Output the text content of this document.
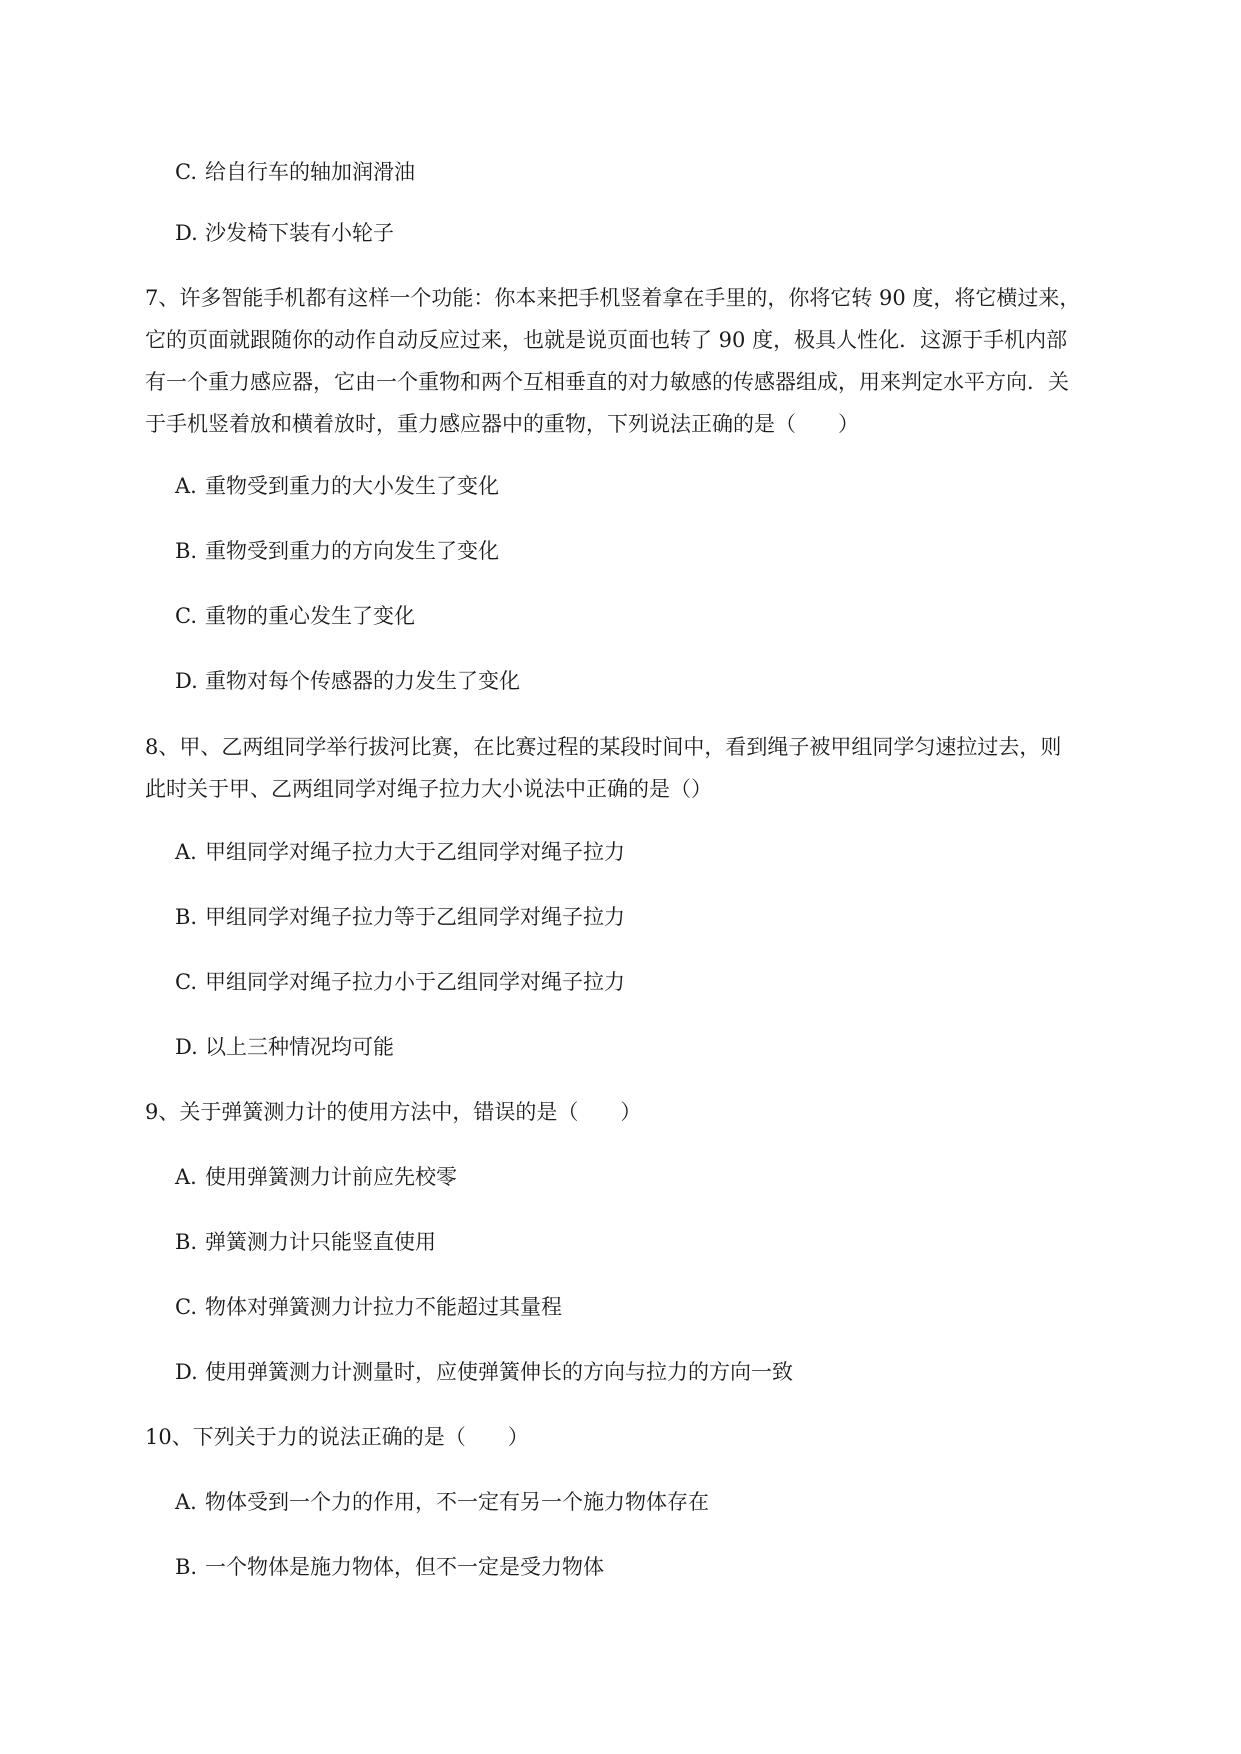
C. 给自行车的轴加润滑油
D. 沙发椅下装有小轮子
7、许多智能手机都有这样一个功能：你本来把手机竖着拿在手里的，你将它转 90 度，将它横过来，
它的页面就跟随你的动作自动反应过来，也就是说页面也转了 90 度，极具人性化．这源于手机内部
有一个重力感应器，它由一个重物和两个互相垂直的对力敏感的传感器组成，用来判定水平方向．关
于手机竖着放和横着放时，重力感应器中的重物，下列说法正确的是（　　）
A. 重物受到重力的大小发生了变化
B. 重物受到重力的方向发生了变化
C. 重物的重心发生了变化
D. 重物对每个传感器的力发生了变化
8、甲、乙两组同学举行拔河比赛，在比赛过程的某段时间中，看到绳子被甲组同学匀速拉过去，则
此时关于甲、乙两组同学对绳子拉力大小说法中正确的是（）
A. 甲组同学对绳子拉力大于乙组同学对绳子拉力
B. 甲组同学对绳子拉力等于乙组同学对绳子拉力
C. 甲组同学对绳子拉力小于乙组同学对绳子拉力
D. 以上三种情况均可能
9、关于弹簧测力计的使用方法中，错误的是（　　）
A. 使用弹簧测力计前应先校零
B. 弹簧测力计只能竖直使用
C. 物体对弹簧测力计拉力不能超过其量程
D. 使用弹簧测力计测量时，应使弹簧伸长的方向与拉力的方向一致
10、下列关于力的说法正确的是（　　）
A. 物体受到一个力的作用，不一定有另一个施力物体存在
B. 一个物体是施力物体，但不一定是受力物体
